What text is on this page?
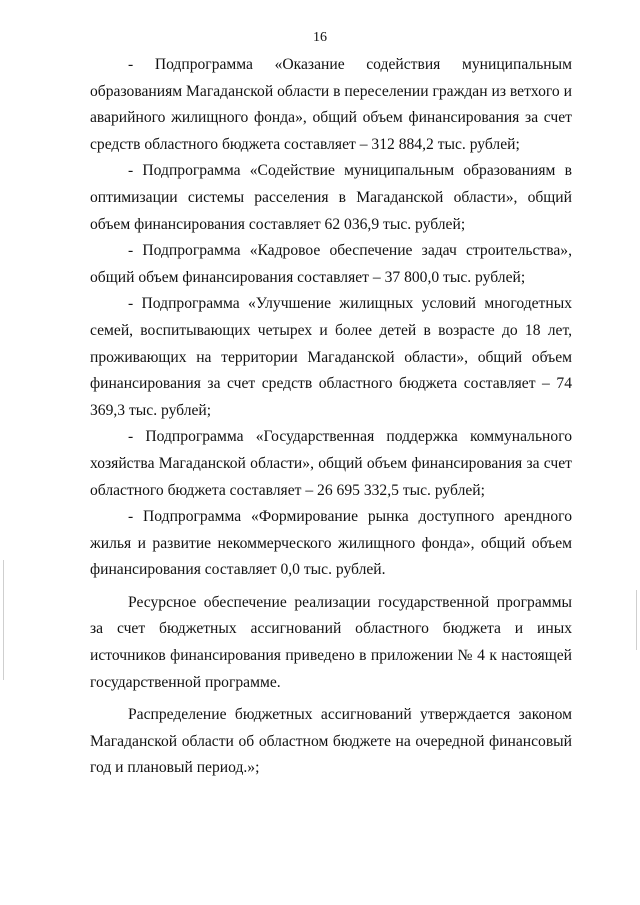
16

- Подпрограмма «Оказание содействия муниципальным образованиям Магаданской области в переселении граждан из ветхого и аварийного жилищного фонда», общий объем финансирования за счет средств областного бюджета составляет – 312 884,2 тыс. рублей;

- Подпрограмма «Содействие муниципальным образованиям в оптимизации системы расселения в Магаданской области», общий объем финансирования составляет 62 036,9 тыс. рублей;

- Подпрограмма «Кадровое обеспечение задач строительства», общий объем финансирования составляет – 37 800,0 тыс. рублей;

- Подпрограмма «Улучшение жилищных условий многодетных семей, воспитывающих четырех и более детей в возрасте до 18 лет, проживающих на территории Магаданской области», общий объем финансирования за счет средств областного бюджета составляет – 74 369,3 тыс. рублей;

- Подпрограмма «Государственная поддержка коммунального хозяйства Магаданской области», общий объем финансирования за счет областного бюджета составляет – 26 695 332,5 тыс. рублей;

- Подпрограмма «Формирование рынка доступного арендного жилья и развитие некоммерческого жилищного фонда», общий объем финансирования составляет 0,0 тыс. рублей.

Ресурсное обеспечение реализации государственной программы за счет бюджетных ассигнований областного бюджета и иных источников финансирования приведено в приложении № 4 к настоящей государственной программе.

Распределение бюджетных ассигнований утверждается законом Магаданской области об областном бюджете на очередной финансовый год и плановый период.»;
